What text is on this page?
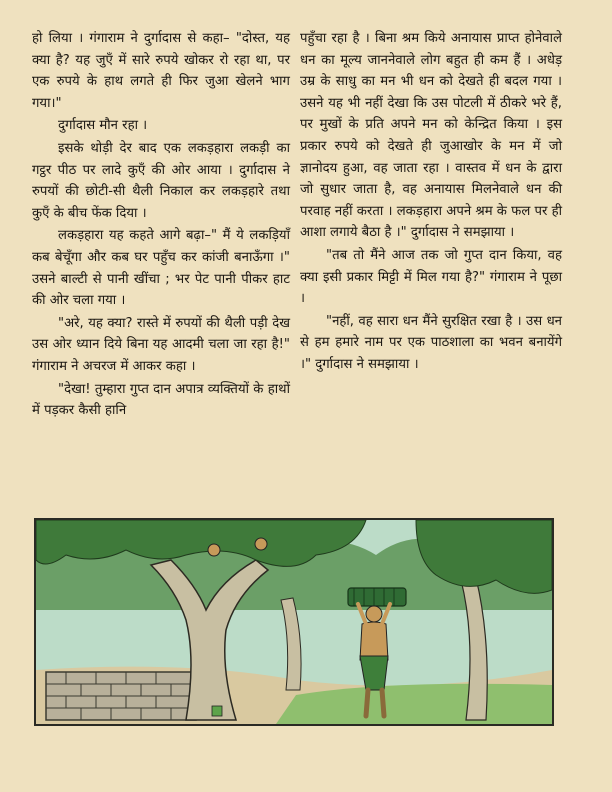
हो लिया । गंगाराम ने दुर्गादास से कहा– "दोस्त, यह क्या है? यह जुएँ में सारे रुपये खोकर रो रहा था, पर एक रुपये के हाथ लगते ही फिर जुआ खेलने भाग गया।"

दुर्गादास मौन रहा ।

इसके थोड़ी देर बाद एक लकड़हारा लकड़ी का गट्ठर पीठ पर लादे कुएँ की ओर आया । दुर्गादास ने रुपयों की छोटी-सी थैली निकाल कर लकड़हारे तथा कुएँ के बीच फेंक दिया ।

लकड़हारा यह कहते आगे बढ़ा–" मैं ये लकड़ियाँ कब बेचूँगा और कब घर पहुँच कर कांजी बनाऊँगा ।" उसने बाल्टी से पानी खींचा ; भर पेट पानी पीकर हाट की ओर चला गया ।

"अरे, यह क्या? रास्ते में रुपयों की थैली पड़ी देख उस ओर ध्यान दिये बिना यह आदमी चला जा रहा है!" गंगाराम ने अचरज में आकर कहा ।

"देखा! तुम्हारा गुप्त दान अपात्र व्यक्तियों के हाथों में पड़कर कैसी हानि

पहुँचा रहा है । बिना श्रम किये अनायास प्राप्त होनेवाले धन का मूल्य जाननेवाले लोग बहुत ही कम हैं । अधेड़ उम्र के साधु का मन भी धन को देखते ही बदल गया । उसने यह भी नहीं देखा कि उस पोटली में ठीकरे भरे हैं, पर मुखों के प्रति अपने मन को केन्द्रित किया । इस प्रकार रुपये को देखते ही जुआखोर के मन में जो ज्ञानोदय हुआ, वह जाता रहा । वास्तव में धन के द्वारा जो सुधार जाता है, वह अनायास मिलनेवाले धन की परवाह नहीं करता । लकड़हारा अपने श्रम के फल पर ही आशा लगाये बैठा है ।" दुर्गादास ने समझाया ।

"तब तो मैंने आज तक जो गुप्त दान किया, वह क्या इसी प्रकार मिट्टी में मिल गया है?" गंगाराम ने पूछा ।

"नहीं, वह सारा धन मैंने सुरक्षित रखा है । उस धन से हम हमारे नाम पर एक पाठशाला का भवन बनायेंगे ।" दुर्गादास ने समझाया ।
